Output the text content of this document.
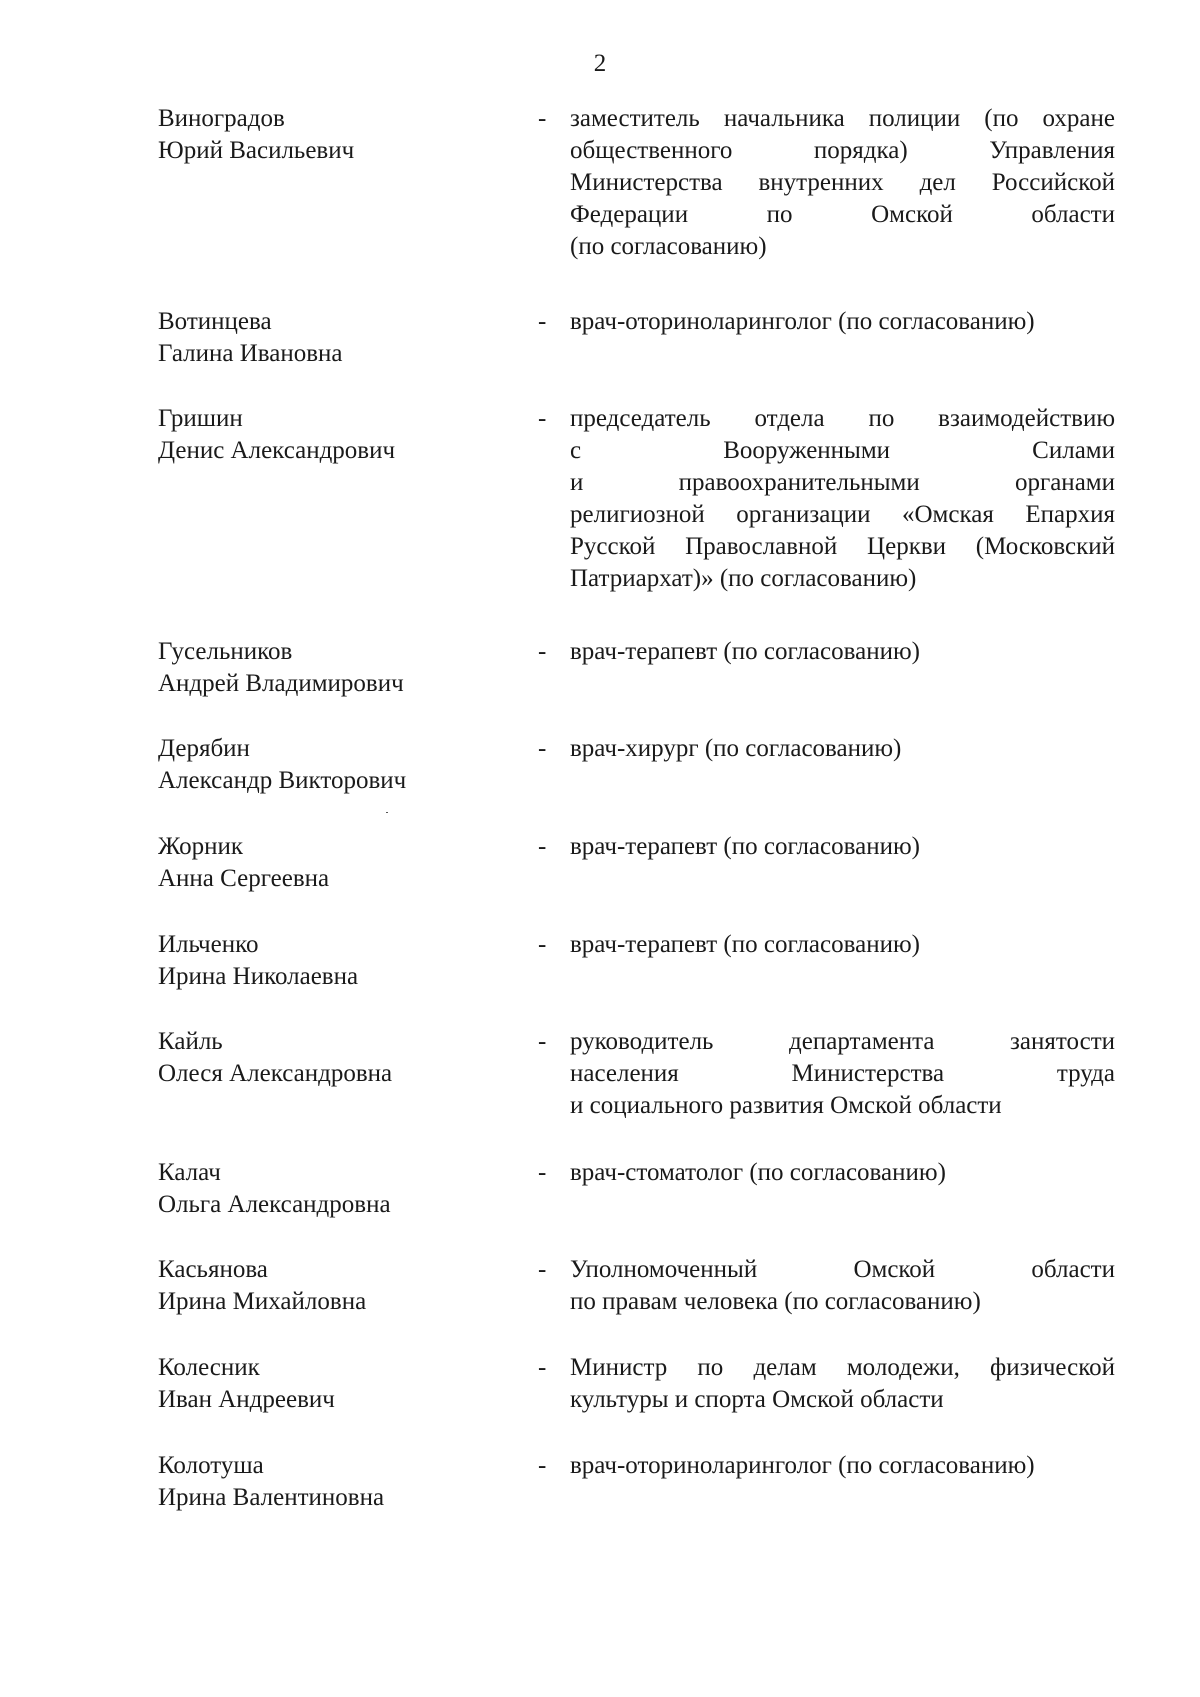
2
Виноградов
Юрий Васильевич
- заместитель начальника полиции (по охране
общественного порядка) Управления
Министерства внутренних дел Российской
Федерации по Омской области
(по согласованию)
Вотинцева
Галина Ивановна
- врач-оториноларинголог (по согласованию)
Гришин
Денис Александрович
- председатель отдела по взаимодействию
с Вооруженными Силами
и правоохранительными органами
религиозной организации «Омская Епархия
Русской Православной Церкви (Московский
Патриархат)» (по согласованию)
Гусельников
Андрей Владимирович
- врач-терапевт (по согласованию)
Дерябин
Александр Викторович
- врач-хирург (по согласованию)
Жорник
Анна Сергеевна
- врач-терапевт (по согласованию)
Ильченко
Ирина Николаевна
- врач-терапевт (по согласованию)
Кайль
Олеся Александровна
- руководитель департамента занятости
населения Министерства труда
и социального развития Омской области
Калач
Ольга Александровна
- врач-стоматолог (по согласованию)
Касьянова
Ирина Михайловна
- Уполномоченный Омской области
по правам человека (по согласованию)
Колесник
Иван Андреевич
- Министр по делам молодежи, физической
культуры и спорта Омской области
Колотуша
Ирина Валентиновна
- врач-оториноларинголог (по согласованию)
